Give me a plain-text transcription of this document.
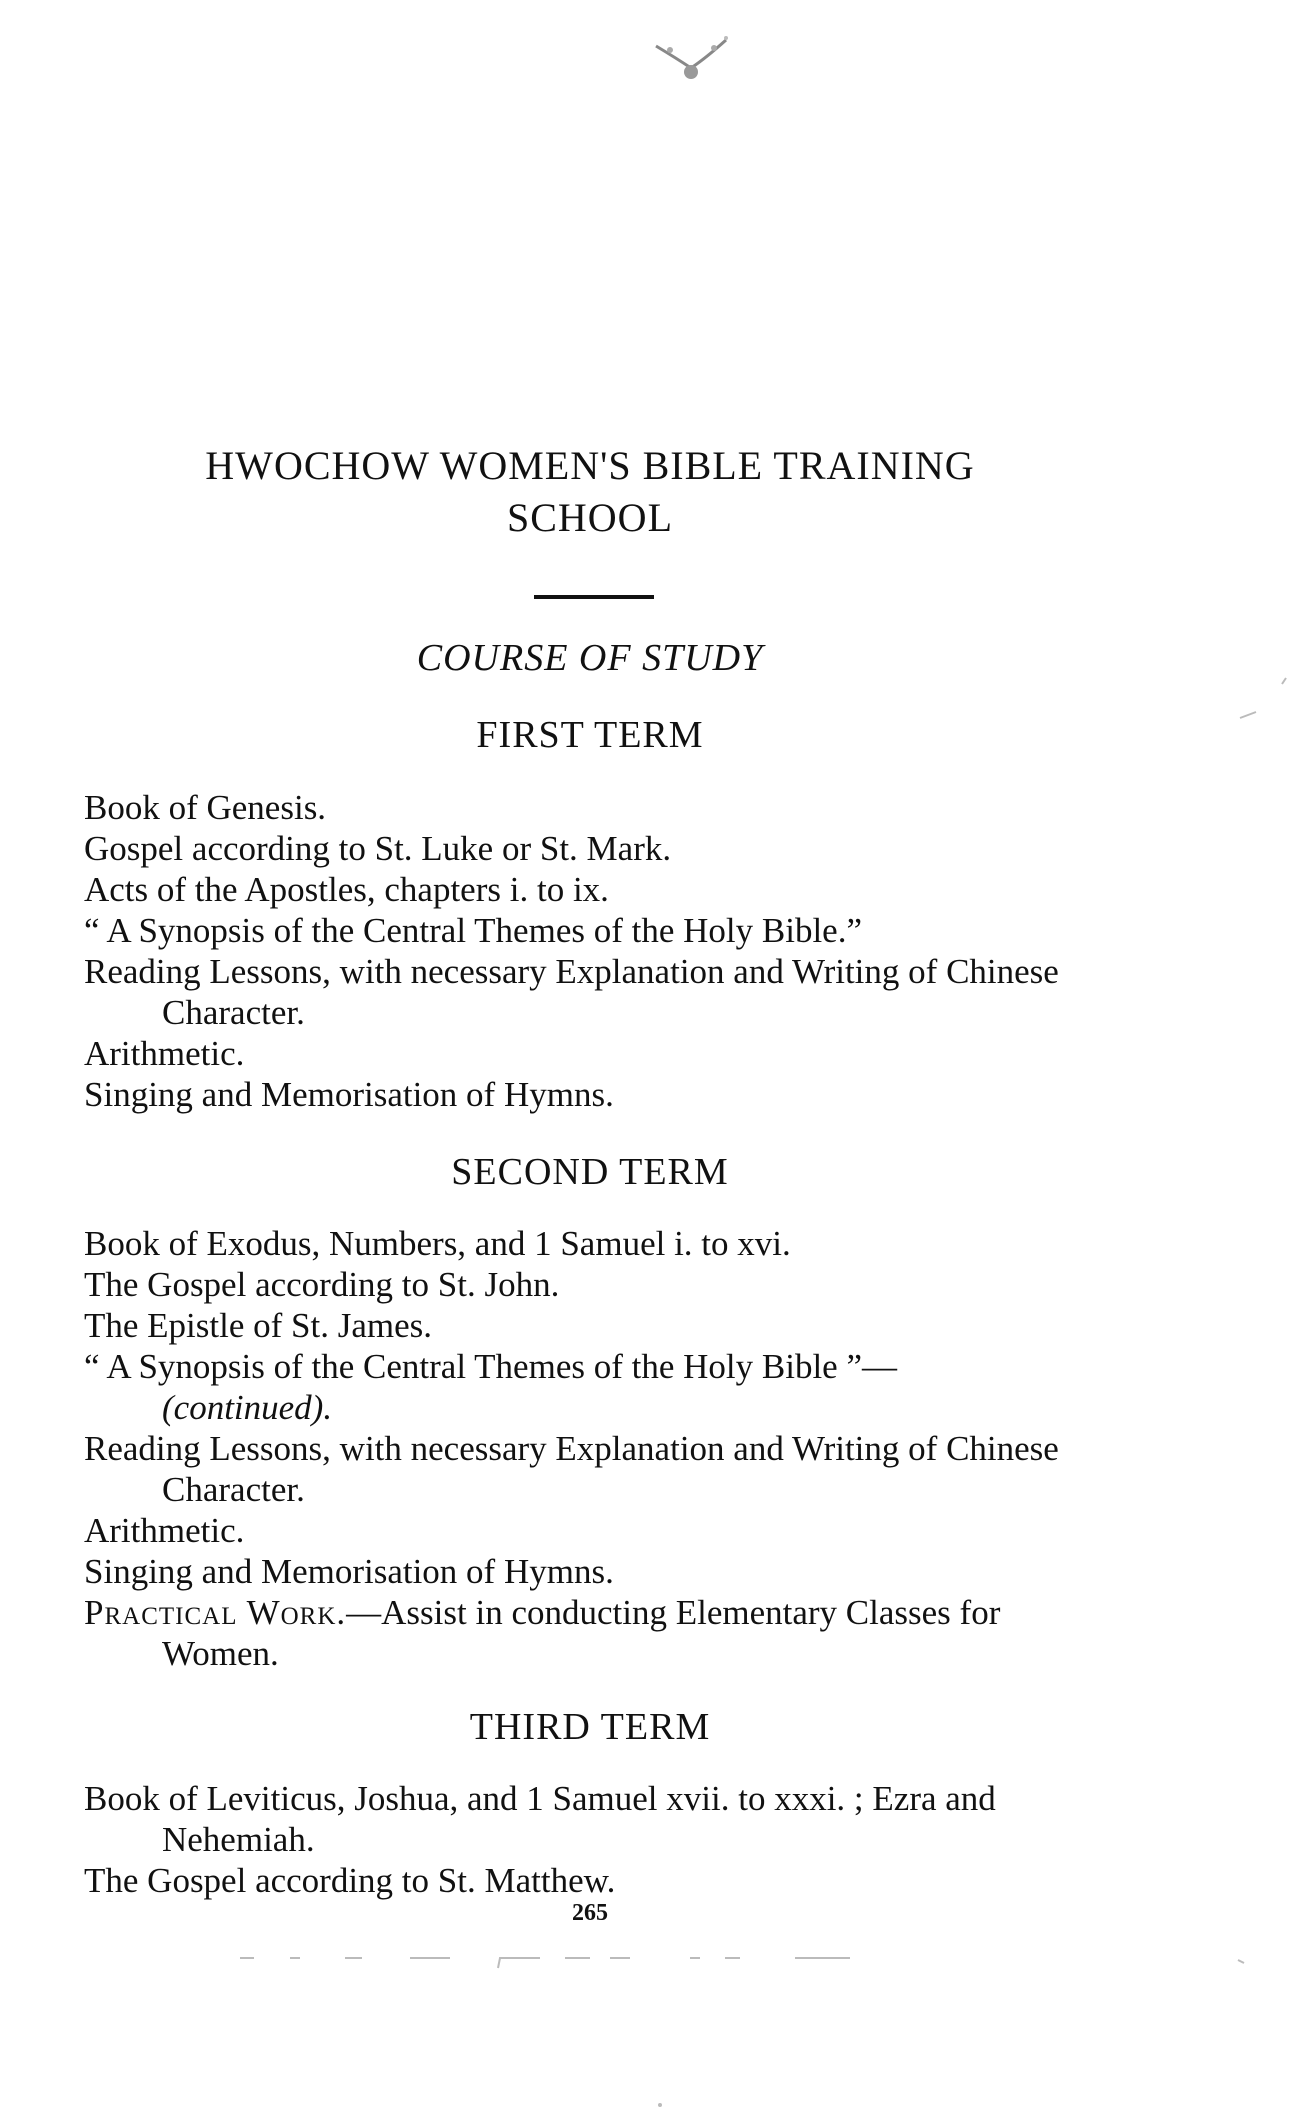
HWOCHOW WOMEN'S BIBLE TRAINING
SCHOOL
COURSE OF STUDY
FIRST TERM
Book of Genesis.
Gospel according to St. Luke or St. Mark.
Acts of the Apostles, chapters i. to ix.
“ A Synopsis of the Central Themes of the Holy Bible.”
Reading Lessons, with necessary Explanation and Writing of Chinese Character.
Arithmetic.
Singing and Memorisation of Hymns.
SECOND TERM
Book of Exodus, Numbers, and 1 Samuel i. to xvi.
The Gospel according to St. John.
The Epistle of St. James.
“ A Synopsis of the Central Themes of the Holy Bible ”—
(continued).
Reading Lessons, with necessary Explanation and Writing of Chinese Character.
Arithmetic.
Singing and Memorisation of Hymns.
Practical Work.—Assist in conducting Elementary Classes for Women.
THIRD TERM
Book of Leviticus, Joshua, and 1 Samuel xvii. to xxxi. ; Ezra and Nehemiah.
The Gospel according to St. Matthew.
265
